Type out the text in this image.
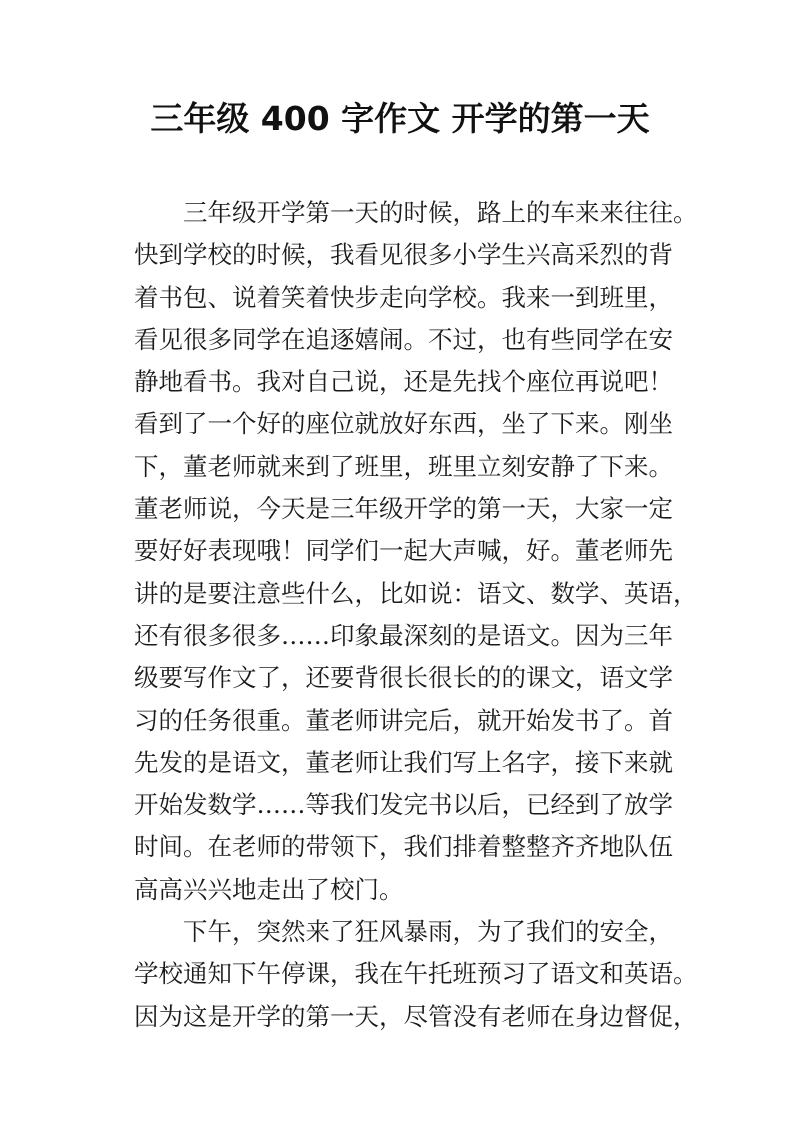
三年级 400 字作文 开学的第一天
三年级开学第一天的时候，路上的车来来往往。
快到学校的时候，我看见很多小学生兴高采烈的背
着书包、说着笑着快步走向学校。我来一到班里，
看见很多同学在追逐嬉闹。不过，也有些同学在安
静地看书。我对自己说，还是先找个座位再说吧！
看到了一个好的座位就放好东西，坐了下来。刚坐
下，董老师就来到了班里，班里立刻安静了下来。
董老师说，今天是三年级开学的第一天，大家一定
要好好表现哦！同学们一起大声喊，好。董老师先
讲的是要注意些什么，比如说：语文、数学、英语，
还有很多很多……印象最深刻的是语文。因为三年
级要写作文了，还要背很长很长的的课文，语文学
习的任务很重。董老师讲完后，就开始发书了。首
先发的是语文，董老师让我们写上名字，接下来就
开始发数学……等我们发完书以后，已经到了放学
时间。在老师的带领下，我们排着整整齐齐地队伍
高高兴兴地走出了校门。
下午，突然来了狂风暴雨，为了我们的安全，
学校通知下午停课，我在午托班预习了语文和英语。
因为这是开学的第一天，尽管没有老师在身边督促，
